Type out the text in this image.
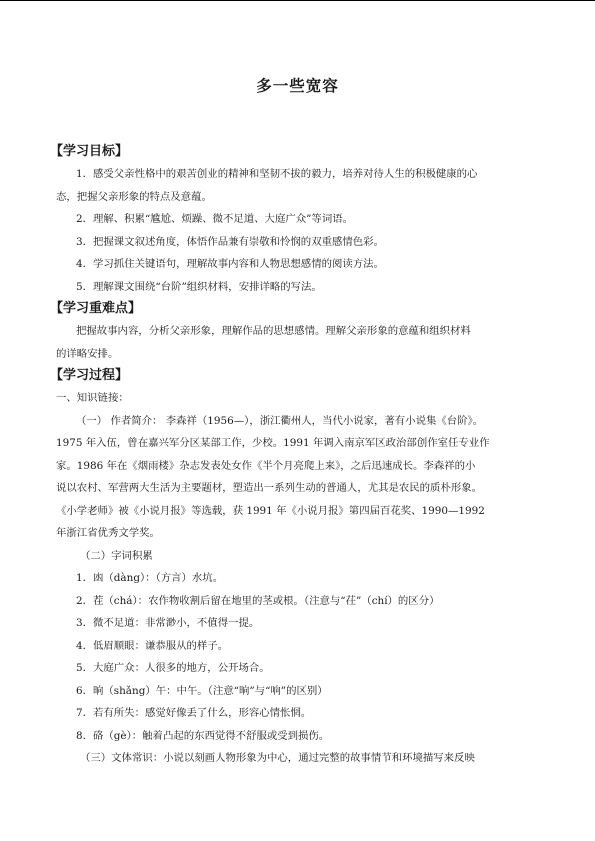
多一些宽容
【学习目标】
1．感受父亲性格中的艰苦创业的精神和坚韧不拔的毅力，培养对待人生的积极健康的心
态，把握父亲形象的特点及意蕴。
2．理解、积累“尴尬、烦躁、微不足道、大庭广众”等词语。
3．把握课文叙述角度，体悟作品兼有崇敬和怜悯的双重感情色彩。
4．学习抓住关键语句，理解故事内容和人物思想感情的阅读方法。
5．理解课文围绕“台阶”组织材料，安排详略的写法。
【学习重难点】
把握故事内容，分析父亲形象，理解作品的思想感情。理解父亲形象的意蕴和组织材料
的详略安排。
【学习过程】
一、知识链接：
（一） 作者简介： 李森祥（1956—），浙江衢州人，当代小说家，著有小说集《台阶》。
1975 年入伍，曾在嘉兴军分区某部工作，少校。1991 年调入南京军区政治部创作室任专业作
家。1986 年在《烟雨楼》杂志发表处女作《半个月亮爬上来》，之后迅速成长。李森祥的小
说以农村、军营两大生活为主要题材，塑造出一系列生动的普通人，尤其是农民的质朴形象。
《小学老师》被《小说月报》等选载，获 1991 年《小说月报》第四届百花奖、1990—1992
年浙江省优秀文学奖。
（二）字词积累
1．凼（dàng）：（方言）水坑。
2．茬（chá）：农作物收割后留在地里的茎或根。（注意与“茌”（chí）的区分）
3．微不足道：非常渺小，不值得一提。
4．低眉顺眼：谦恭服从的样子。
5．大庭广众：人很多的地方，公开场合。
6．晌（shǎng）午：中午。（注意“晌”与“响”的区别）
7．若有所失：感觉好像丢了什么，形容心情怅惘。
8．硌（gè）：触着凸起的东西觉得不舒服或受到损伤。
（三）文体常识：小说以刻画人物形象为中心，通过完整的故事情节和环境描写来反映
